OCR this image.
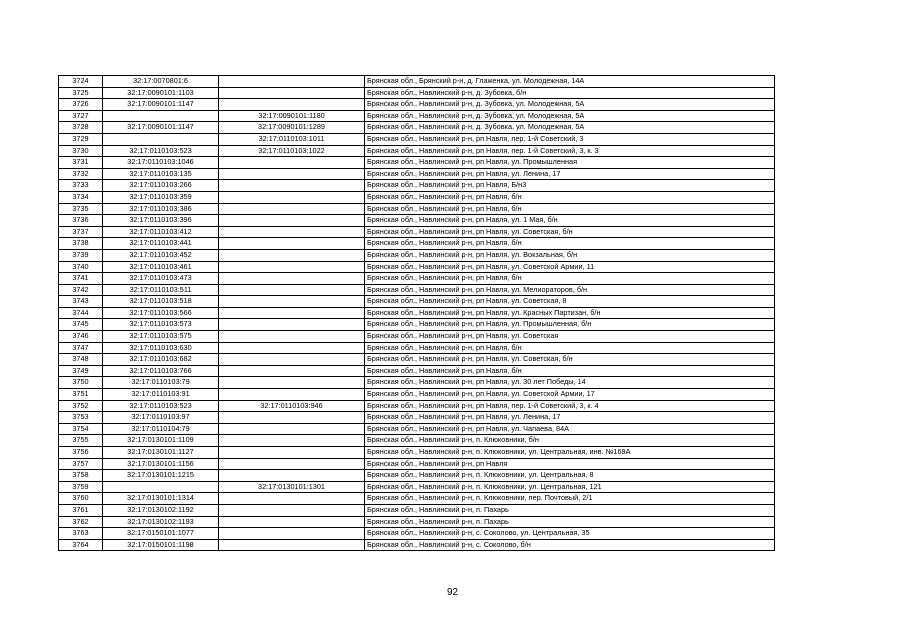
3724	32:17:0070801:6		Брянская обл., Брянский р-н, д. Глаженка, ул. Молодежная, 14А
3725	32:17:0090101:1103		Брянская обл., Навлинский р-н, д. Зубовка, б/н
3726	32:17:0090101:1147		Брянская обл., Навлинский р-н, д. Зубовка, ул. Молодежная, 5А
3727		32:17:0090101:1180	Брянская обл., Навлинский р-н, д. Зубовка, ул. Молодежная, 5А
3728	32:17:0090101:1147	32:17:0090101:1289	Брянская обл., Навлинский р-н, д. Зубовка, ул. Молодежная, 5А
3729		32:17:0110103:1011	Брянская обл., Навлинский р-н, рп Навля, пер. 1-й Советский, 3
3730	32:17:0110103:523	32:17:0110103:1022	Брянская обл., Навлинский р-н, рп Навля, пер. 1-й Советский, 3, к. 3
3731	32:17:0110103:1046		Брянская обл., Навлинский р-н, рп Навля, ул. Промышленная
3732	32:17:0110103:135		Брянская обл., Навлинский р-н, рп Навля, ул. Ленина, 17
3733	32:17:0110103:266		Брянская обл., Навлинский р-н, рп Навля, Б/н3
3734	32:17:0110103:359		Брянская обл., Навлинский р-н, рп Навля, б/н
3735	32:17:0110103:386		Брянская обл., Навлинский р-н, рп Навля, б/н
3736	32:17:0110103:396		Брянская обл., Навлинский р-н, рп Навля, ул. 1 Мая, б/н
3737	32:17:0110103:412		Брянская обл., Навлинский р-н, рп Навля, ул. Советская, б/н
3738	32:17:0110103:441		Брянская обл., Навлинский р-н, рп Навля, б/н
3739	32:17:0110103:452		Брянская обл., Навлинский р-н, рп Навля, ул. Вокзальная, б/н
3740	32:17:0110103:461		Брянская обл., Навлинский р-н, рп Навля, ул. Советской Армии, 11
3741	32:17:0110103:473		Брянская обл., Навлинский р-н, рп Навля, б/н
3742	32:17:0110103:511		Брянская обл., Навлинский р-н, рп Навля, ул. Мелиораторов, б/н
3743	32:17:0110103:518		Брянская обл., Навлинский р-н, рп Навля, ул. Советская, 8
3744	32:17:0110103:566		Брянская обл., Навлинский р-н, рп Навля, ул. Красных Партизан, б/н
3745	32:17:0110103:573		Брянская обл., Навлинский р-н, рп Навля, ул. Промышленная, б/н
3746	32:17:0110103:575		Брянская обл., Навлинский р-н, рп Навля, ул. Советская
3747	32:17:0110103:630		Брянская обл., Навлинский р-н, рп Навля, б/н
3748	32:17:0110103:682		Брянская обл., Навлинский р-н, рп Навля, ул. Советская, б/н
3749	32:17:0110103:766		Брянская обл., Навлинский р-н, рп Навля, б/н
3750	32:17:0110103:79		Брянская обл., Навлинский р-н, рп Навля, ул. 30 лет Победы, 14
3751	32:17:0110103:91		Брянская обл., Навлинский р-н, рп Навля, ул. Советской Армии, 17
3752	32:17:0110103:523	32:17:0110103:946	Брянская обл., Навлинский р-н, рп Навля, пер. 1-й Советский, 3, к. 4
3753	32:17:0110103:97		Брянская обл., Навлинский р-н, рп Навля, ул. Ленина, 17
3754	32:17:0110104:79		Брянская обл., Навлинский р-н, рп Навля, ул. Чапаева, 84А
3755	32:17:0130101:1109		Брянская обл., Навлинский р-н, п. Клюковники, б/н
3756	32:17:0130101:1127		Брянская обл., Навлинский р-н, п. Клюковники, ул. Центральная, инв. №169А
3757	32:17:0130101:1156		Брянская обл., Навлинский р-н, рп Навля
3758	32:17:0130101:1215		Брянская обл., Навлинский р-н, п. Клюковники, ул. Центральная, 8
3759		32:17:0130101:1301	Брянская обл., Навлинский р-н, п. Клюковники, ул. Центральная, 121
3760	32:17:0130101:1314		Брянская обл., Навлинский р-н, п. Клюковники, пер. Почтовый, 2/1
3761	32:17:0130102:1192		Брянская обл., Навлинский р-н, п. Пахарь
3762	32:17:0130102:1193		Брянская обл., Навлинский р-н, п. Пахарь
3763	32:17:0150101:1077		Брянская обл., Навлинский р-н, с. Соколово, ул. Центральная, 35
3764	32:17:0150101:1198		Брянская обл., Навлинский р-н, с. Соколово, б/н
92
